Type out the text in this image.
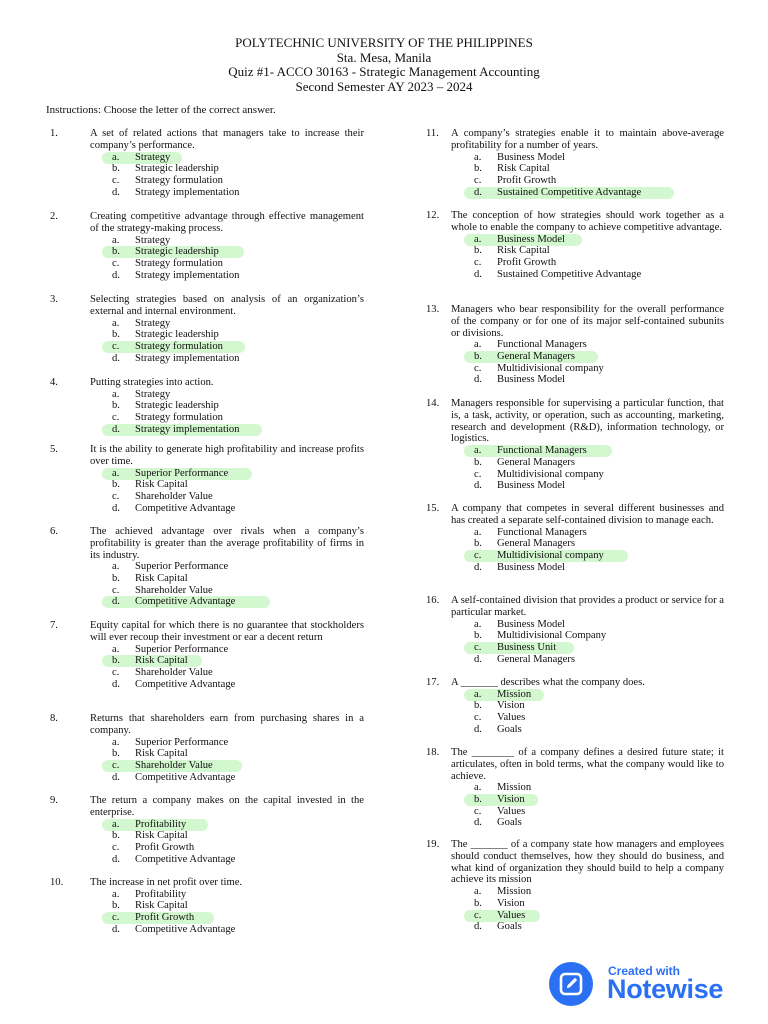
POLYTECHNIC UNIVERSITY OF THE PHILIPPINES
Sta. Mesa, Manila
Quiz #1- ACCO 30163 - Strategic Management Accounting
Second Semester AY 2023 – 2024
Instructions: Choose the letter of the correct answer.
1.	A set of related actions that managers take to increase their company’s performance.
a. Strategy
b. Strategic leadership
c. Strategy formulation
d. Strategy implementation
2.	Creating competitive advantage through effective management of the strategy-making process.
a. Strategy
b. Strategic leadership
c. Strategy formulation
d. Strategy implementation
3.	Selecting strategies based on analysis of an organization’s external and internal environment.
a. Strategy
b. Strategic leadership
c. Strategy formulation
d. Strategy implementation
4.	Putting strategies into action.
a. Strategy
b. Strategic leadership
c. Strategy formulation
d. Strategy implementation
5.	It is the ability to generate high profitability and increase profits over time.
a. Superior Performance
b. Risk Capital
c. Shareholder Value
d. Competitive Advantage
6.	The achieved advantage over rivals when a company’s profitability is greater than the average profitability of firms in its industry.
a. Superior Performance
b. Risk Capital
c. Shareholder Value
d. Competitive Advantage
7.	Equity capital for which there is no guarantee that stockholders will ever recoup their investment or ear a decent return
a. Superior Performance
b. Risk Capital
c. Shareholder Value
d. Competitive Advantage
8.	Returns that shareholders earn from purchasing shares in a company.
a. Superior Performance
b. Risk Capital
c. Shareholder Value
d. Competitive Advantage
9.	The return a company makes on the capital invested in the enterprise.
a. Profitability
b. Risk Capital
c. Profit Growth
d. Competitive Advantage
10.	The increase in net profit over time.
a. Profitability
b. Risk Capital
c. Profit Growth
d. Competitive Advantage
11.	A company’s strategies enable it to maintain above-average profitability for a number of years.
a. Business Model
b. Risk Capital
c. Profit Growth
d. Sustained Competitive Advantage
12.	The conception of how strategies should work together as a whole to enable the company to achieve competitive advantage.
a. Business Model
b. Risk Capital
c. Profit Growth
d. Sustained Competitive Advantage
13.	Managers who bear responsibility for the overall performance of the company or for one of its major self-contained subunits or divisions.
a. Functional Managers
b. General Managers
c. Multidivisional company
d. Business Model
14.	Managers responsible for supervising a particular function, that is, a task, activity, or operation, such as accounting, marketing, research and development (R&D), information technology, or logistics.
a. Functional Managers
b. General Managers
c. Multidivisional company
d. Business Model
15.	A company that competes in several different businesses and has created a separate self-contained division to manage each.
a. Functional Managers
b. General Managers
c. Multidivisional company
d. Business Model
16.	A self-contained division that provides a product or service for a particular market.
a. Business Model
b. Multidivisional Company
c. Business Unit
d. General Managers
17.	A _______ describes what the company does.
a. Mission
b. Vision
c. Values
d. Goals
18.	The ________ of a company defines a desired future state; it articulates, often in bold terms, what the company would like to achieve.
a. Mission
b. Vision
c. Values
d. Goals
19.	The _______ of a company state how managers and employees should conduct themselves, how they should do business, and what kind of organization they should build to help a company achieve its mission
a. Mission
b. Vision
c. Values
d. Goals
Created with
Notewise
